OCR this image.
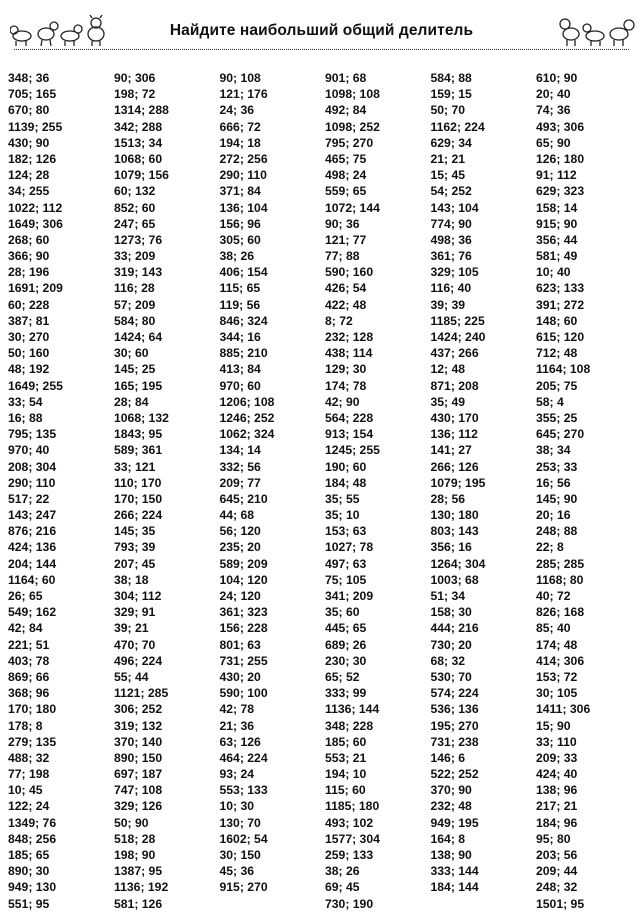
Найдите наибольший общий делитель
348; 36
705; 165
670; 80
1139; 255
430; 90
182; 126
124; 28
34; 255
1022; 112
1649; 306
268; 60
366; 90
28; 196
1691; 209
60; 228
387; 81
30; 270
50; 160
48; 192
1649; 255
33; 54
16; 88
795; 135
970; 40
208; 304
290; 110
517; 22
143; 247
876; 216
424; 136
204; 144
1164; 60
26; 65
549; 162
42; 84
221; 51
403; 78
869; 66
368; 96
170; 180
178; 8
279; 135
488; 32
77; 198
10; 45
122; 24
1349; 76
848; 256
185; 65
890; 30
949; 130
551; 95
90; 306
198; 72
1314; 288
342; 288
1513; 34
1068; 60
1079; 156
60; 132
852; 60
247; 65
1273; 76
33; 209
319; 143
116; 28
57; 209
584; 80
1424; 64
30; 60
145; 25
165; 195
28; 84
1068; 132
1843; 95
589; 361
33; 121
110; 170
170; 150
266; 224
145; 35
793; 39
207; 45
38; 18
304; 112
329; 91
39; 21
470; 70
496; 224
55; 44
1121; 285
306; 252
319; 132
370; 140
890; 150
697; 187
747; 108
329; 126
50; 90
518; 28
198; 90
1387; 95
1136; 192
581; 126
90; 108
121; 176
24; 36
666; 72
194; 18
272; 256
290; 110
371; 84
136; 104
156; 96
305; 60
38; 26
406; 154
115; 65
119; 56
846; 324
344; 16
885; 210
413; 84
970; 60
1206; 108
1246; 252
1062; 324
134; 14
332; 56
209; 77
645; 210
44; 68
56; 120
235; 20
589; 209
104; 120
24; 120
361; 323
156; 228
801; 63
731; 255
430; 20
590; 100
42; 78
21; 36
63; 126
464; 224
93; 24
553; 133
10; 30
130; 70
1602; 54
30; 150
45; 36
915; 270
901; 68
1098; 108
492; 84
1098; 252
795; 270
465; 75
498; 24
559; 65
1072; 144
90; 36
121; 77
77; 88
590; 160
426; 54
422; 48
8; 72
232; 128
438; 114
129; 30
174; 78
42; 90
564; 228
913; 154
1245; 255
190; 60
184; 48
35; 55
35; 10
153; 63
1027; 78
497; 63
75; 105
341; 209
35; 60
445; 65
689; 26
230; 30
65; 52
333; 99
1136; 144
348; 228
185; 60
553; 21
194; 10
115; 60
1185; 180
493; 102
1577; 304
259; 133
38; 26
69; 45
730; 190
584; 88
159; 15
50; 70
1162; 224
629; 34
21; 21
15; 45
54; 252
143; 104
774; 90
498; 36
361; 76
329; 105
116; 40
39; 39
1185; 225
1424; 240
437; 266
12; 48
871; 208
35; 49
430; 170
136; 112
141; 27
266; 126
1079; 195
28; 56
130; 180
803; 143
356; 16
1264; 304
1003; 68
51; 34
158; 30
444; 216
730; 20
68; 32
530; 70
574; 224
536; 136
195; 270
731; 238
146; 6
522; 252
370; 90
232; 48
949; 195
164; 8
138; 90
333; 144
184; 144
610; 90
20; 40
74; 36
493; 306
65; 90
126; 180
91; 112
629; 323
158; 14
915; 90
356; 44
581; 49
10; 40
623; 133
391; 272
148; 60
615; 120
712; 48
1164; 108
205; 75
58; 4
355; 25
645; 270
38; 34
253; 33
16; 56
145; 90
20; 16
248; 88
22; 8
285; 285
1168; 80
40; 72
826; 168
85; 40
174; 48
414; 306
153; 72
30; 105
1411; 306
15; 90
33; 110
209; 33
424; 40
138; 96
217; 21
184; 96
95; 80
203; 56
209; 44
248; 32
1501; 95
